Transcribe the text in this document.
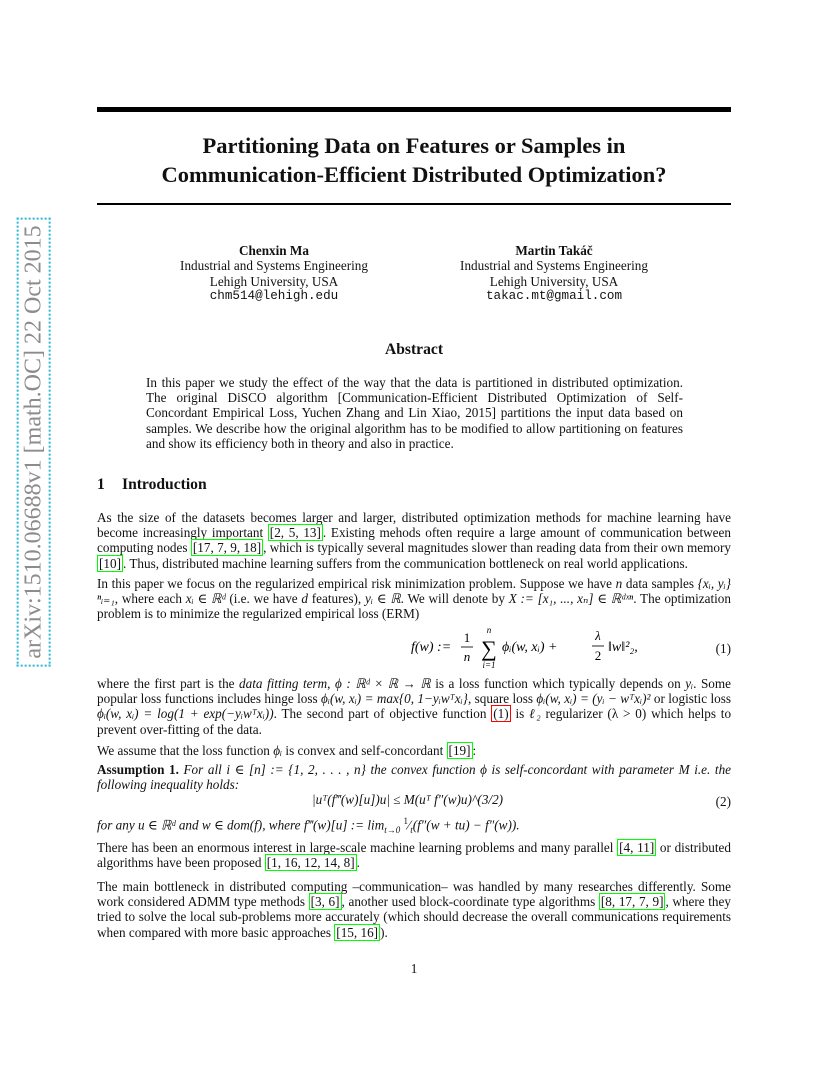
arXiv:1510.06688v1 [math.OC] 22 Oct 2015
Partitioning Data on Features or Samples in
Communication-Efficient Distributed Optimization?
Chenxin Ma
Industrial and Systems Engineering
Lehigh University, USA
chm514@lehigh.edu
Martin Takáč
Industrial and Systems Engineering
Lehigh University, USA
takac.mt@gmail.com
Abstract
In this paper we study the effect of the way that the data is partitioned in distributed optimization. The original DiSCO algorithm [Communication-Efficient Distributed Optimization of Self-Concordant Empirical Loss, Yuchen Zhang and Lin Xiao, 2015] partitions the input data based on samples. We describe how the original algorithm has to be modified to allow partitioning on features and show its efficiency both in theory and also in practice.
1 Introduction
As the size of the datasets becomes larger and larger, distributed optimization methods for machine learning have become increasingly important [2, 5, 13] . Existing mehods often require a large amount of communication between computing nodes [17, 7, 9, 18] , which is typically several magnitudes slower than reading data from their own memory [10] . Thus, distributed machine learning suffers from the communication bottleneck on real world applications.
In this paper we focus on the regularized empirical risk minimization problem. Suppose we have n data samples {xᵢ, yᵢ}ⁿᵢ₌₁, where each xᵢ ∈ ℝᵈ (i.e. we have d features), yᵢ ∈ ℝ. We will denote by X := [x₁, ..., xₙ] ∈ ℝᵈˣⁿ. The optimization problem is to minimize the regularized empirical loss (ERM)
f(w) :=
1
n
n
∑
i=1
ϕᵢ(w, xᵢ) +
λ
2
‖w‖²₂,	(1)
where the first part is the data fitting term, ϕ : ℝᵈ × ℝ → ℝ is a loss function which typically depends on yᵢ. Some popular loss functions includes hinge loss ϕᵢ(w, xᵢ) = max{0, 1−yᵢwᵀxᵢ}, square loss ϕᵢ(w, xᵢ) = (yᵢ − wᵀxᵢ)² or logistic loss ϕᵢ(w, xᵢ) = log(1 + exp(−yᵢwᵀxᵢ)). The second part of objective function (1) is ℓ₂ regularizer (λ > 0) which helps to prevent over-fitting of the data.
We assume that the loss function ϕᵢ is convex and self-concordant [19] :
Assumption 1. For all i ∈ [n] := {1, 2, . . . , n} the convex function ϕ is self-concordant with parameter M i.e. the following inequality holds:
|uᵀ(f‴(w)[u])u| ≤ M(uᵀ f″(w)u)^(3/2)	(2)
for any u ∈ ℝᵈ and w ∈ dom(f), where f‴(w)[u] := $\lim_{t\to 0}$ $^1⁄_t(f''(w + tu) - f''(w))$.
There has been an enormous interest in large-scale machine learning problems and many parallel [4, 11] or distributed algorithms have been proposed [1, 16, 12, 14, 8] .
The main bottleneck in distributed computing –communication– was handled by many researches differently. Some work considered ADMM type methods [3, 6] , another used block-coordinate type algorithms [8, 17, 7, 9] , where they tried to solve the local sub-problems more accurately (which should decrease the overall communications requirements when compared with more basic approaches [15, 16] ).
1
